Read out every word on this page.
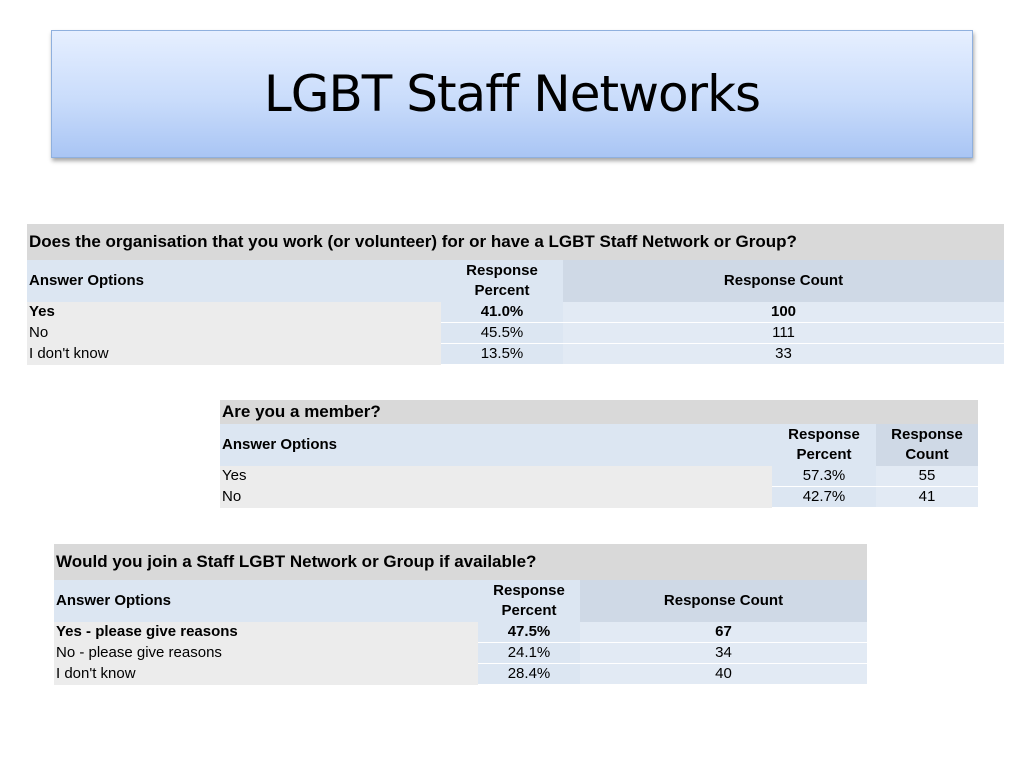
LGBT Staff Networks
Does the organisation that you work (or volunteer) for or have a LGBT Staff Network or Group?		
Answer Options	Response Percent	Response Count
Yes	41.0%	100
No	45.5%	111
I don't know	13.5%	33
Are you a member?		
Answer Options	Response Percent	Response Count
Yes	57.3%	55
No	42.7%	41
Would you join a Staff LGBT Network or Group if available?		
Answer Options	Response Percent	Response Count
Yes - please give reasons	47.5%	67
No - please give reasons	24.1%	34
I don't know	28.4%	40
